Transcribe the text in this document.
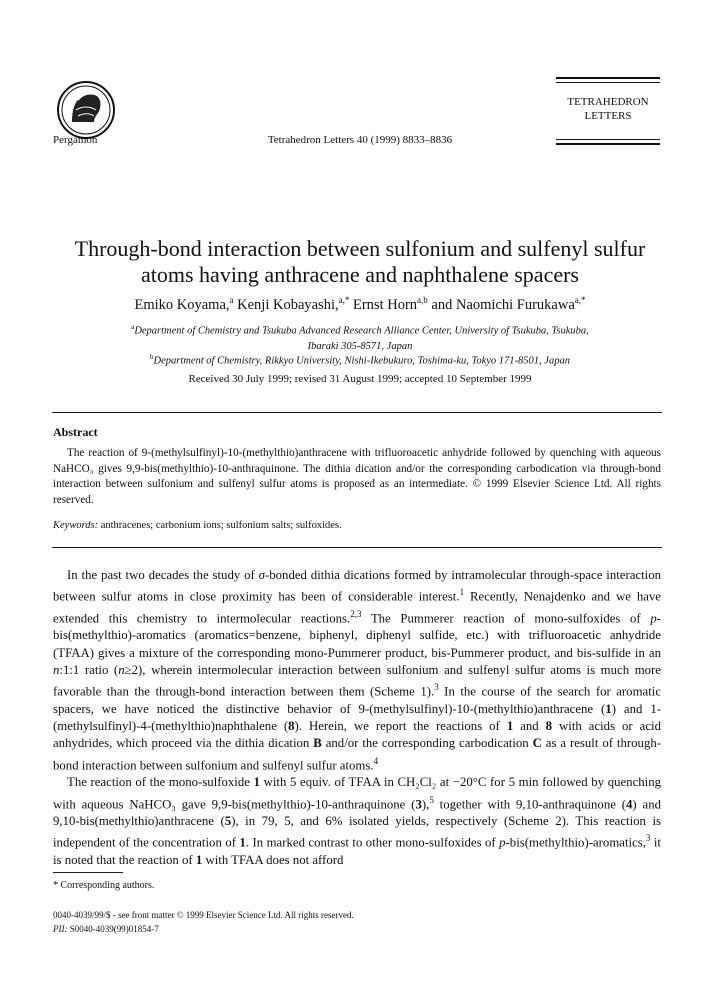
Pergamon	Tetrahedron Letters 40 (1999) 8833–8836
TETRAHEDRON
LETTERS
Through-bond interaction between sulfonium and sulfenyl sulfur
atoms having anthracene and naphthalene spacers
Emiko Koyama,$^a$ Kenji Kobayashi,$^{a,*}$ Ernst Horn$^{a,b}$ and Naomichi Furukawa$^{a,*}$
$^a$Department of Chemistry and Tsukuba Advanced Research Alliance Center, University of Tsukuba, Tsukuba,
Ibaraki 305-8571, Japan
$^b$Department of Chemistry, Rikkyo University, Nishi-Ikebukuro, Toshima-ku, Tokyo 171-8501, Japan
Received 30 July 1999; revised 31 August 1999; accepted 10 September 1999
Abstract
The reaction of 9-(methylsulfinyl)-10-(methylthio)anthracene with trifluoroacetic anhydride followed by quenching with aqueous NaHCO₃ gives 9,9-bis(methylthio)-10-anthraquinone. The dithia dication and/or the corresponding carbodication via through-bond interaction between sulfonium and sulfenyl sulfur atoms is proposed as an intermediate. © 1999 Elsevier Science Ltd. All rights reserved.
Keywords: anthracenes; carbonium ions; sulfonium salts; sulfoxides.

In the past two decades the study of σ-bonded dithia dications formed by intramolecular through-space interaction between sulfur atoms in close proximity has been of considerable interest.$^1$ Recently, Nenajdenko and we have extended this chemistry to intermolecular reactions.$^{2,3}$ The Pummerer reaction of mono-sulfoxides of p-bis(methylthio)-aromatics (aromatics=benzene, biphenyl, diphenyl sulfide, etc.) with trifluoroacetic anhydride (TFAA) gives a mixture of the corresponding mono-Pummerer product, bis-Pummerer product, and bis-sulfide in an n:1:1 ratio (n≥2), wherein intermolecular interaction between sulfonium and sulfenyl sulfur atoms is much more favorable than the through-bond interaction between them (Scheme 1).$^3$ In the course of the search for aromatic spacers, we have noticed the distinctive behavior of 9-(methylsulfinyl)-10-(methylthio)anthracene (1) and 1-(methylsulfinyl)-4-(methylthio)naphthalene (8). Herein, we report the reactions of 1 and 8 with acids or acid anhydrides, which proceed via the dithia dication B and/or the corresponding carbodication C as a result of through-bond interaction between sulfonium and sulfenyl sulfur atoms.$^4$

The reaction of the mono-sulfoxide 1 with 5 equiv. of TFAA in CH₂Cl₂ at −20°C for 5 min followed by quenching with aqueous NaHCO₃ gave 9,9-bis(methylthio)-10-anthraquinone (3),$^5$ together with 9,10-anthraquinone (4) and 9,10-bis(methylthio)anthracene (5), in 79, 5, and 6% isolated yields, respectively (Scheme 2). This reaction is independent of the concentration of 1. In marked contrast to other mono-sulfoxides of p-bis(methylthio)-aromatics,$^3$ it is noted that the reaction of 1 with TFAA does not afford

* Corresponding authors.
0040-4039/99/$ - see front matter © 1999 Elsevier Science Ltd. All rights reserved.
PII: S0040-4039(99)01854-7
